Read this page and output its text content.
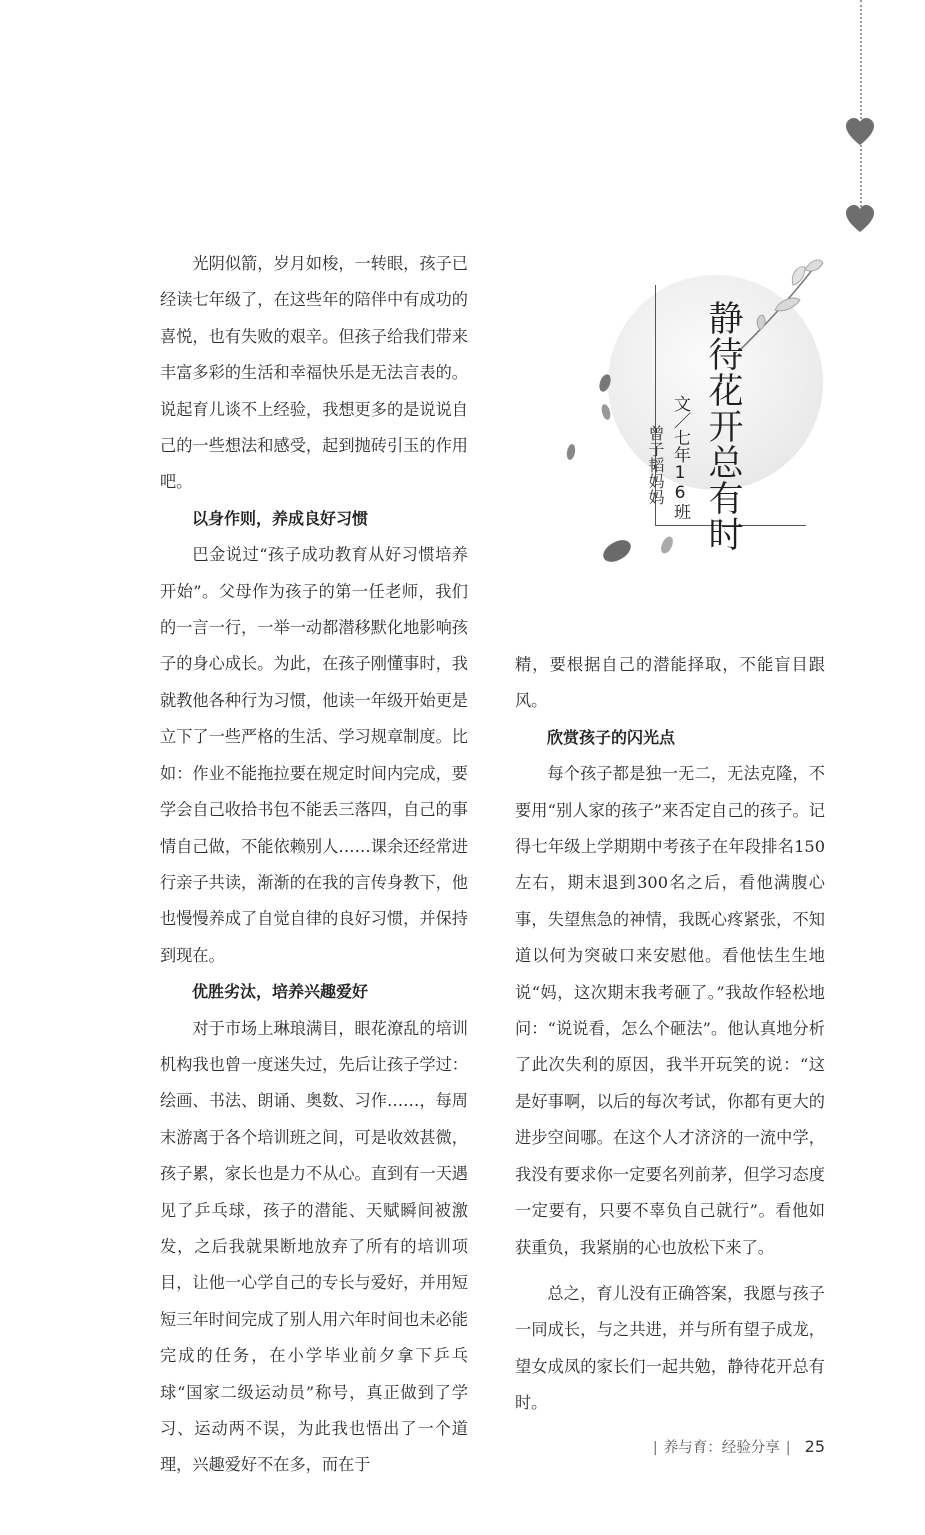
静待花开总有时
文／七年16班
曾子韬妈妈

光阴似箭，岁月如梭，一转眼，孩子已经读七年级了，在这些年的陪伴中有成功的喜悦，也有失败的艰辛。但孩子给我们带来丰富多彩的生活和幸福快乐是无法言表的。说起育儿谈不上经验，我想更多的是说说自己的一些想法和感受，起到抛砖引玉的作用吧。

以身作则，养成良好习惯

巴金说过“孩子成功教育从好习惯培养开始”。父母作为孩子的第一任老师，我们的一言一行，一举一动都潜移默化地影响孩子的身心成长。为此，在孩子刚懂事时，我就教他各种行为习惯，他读一年级开始更是立下了一些严格的生活、学习规章制度。比如：作业不能拖拉要在规定时间内完成，要学会自己收拾书包不能丢三落四，自己的事情自己做，不能依赖别人……课余还经常进行亲子共读，渐渐的在我的言传身教下，他也慢慢养成了自觉自律的良好习惯，并保持到现在。

优胜劣汰，培养兴趣爱好

对于市场上琳琅满目，眼花潦乱的培训机构我也曾一度迷失过，先后让孩子学过：绘画、书法、朗诵、奥数、习作……，每周末游离于各个培训班之间，可是收效甚微，孩子累，家长也是力不从心。直到有一天遇见了乒乓球，孩子的潜能、天赋瞬间被激发，之后我就果断地放弃了所有的培训项目，让他一心学自己的专长与爱好，并用短短三年时间完成了别人用六年时间也未必能完成的任务，在小学毕业前夕拿下乒乓球“国家二级运动员”称号，真正做到了学习、运动两不误，为此我也悟出了一个道理，兴趣爱好不在多，而在于

精，要根据自己的潜能择取，不能盲目跟风。

欣赏孩子的闪光点

每个孩子都是独一无二，无法克隆，不要用“别人家的孩子”来否定自己的孩子。记得七年级上学期期中考孩子在年段排名150左右，期末退到300名之后，看他满腹心事，失望焦急的神情，我既心疼紧张，不知道以何为突破口来安慰他。看他怯生生地说“妈，这次期末我考砸了。”我故作轻松地问：“说说看，怎么个砸法”。他认真地分析了此次失利的原因，我半开玩笑的说：“这是好事啊，以后的每次考试，你都有更大的进步空间哪。在这个人才济济的一流中学，我没有要求你一定要名列前茅，但学习态度一定要有，只要不辜负自己就行”。看他如获重负，我紧崩的心也放松下来了。

总之，育儿没有正确答案，我愿与孩子一同成长，与之共进，并与所有望子成龙，望女成凤的家长们一起共勉，静待花开总有时。

| 养与育：经验分享 | 25
